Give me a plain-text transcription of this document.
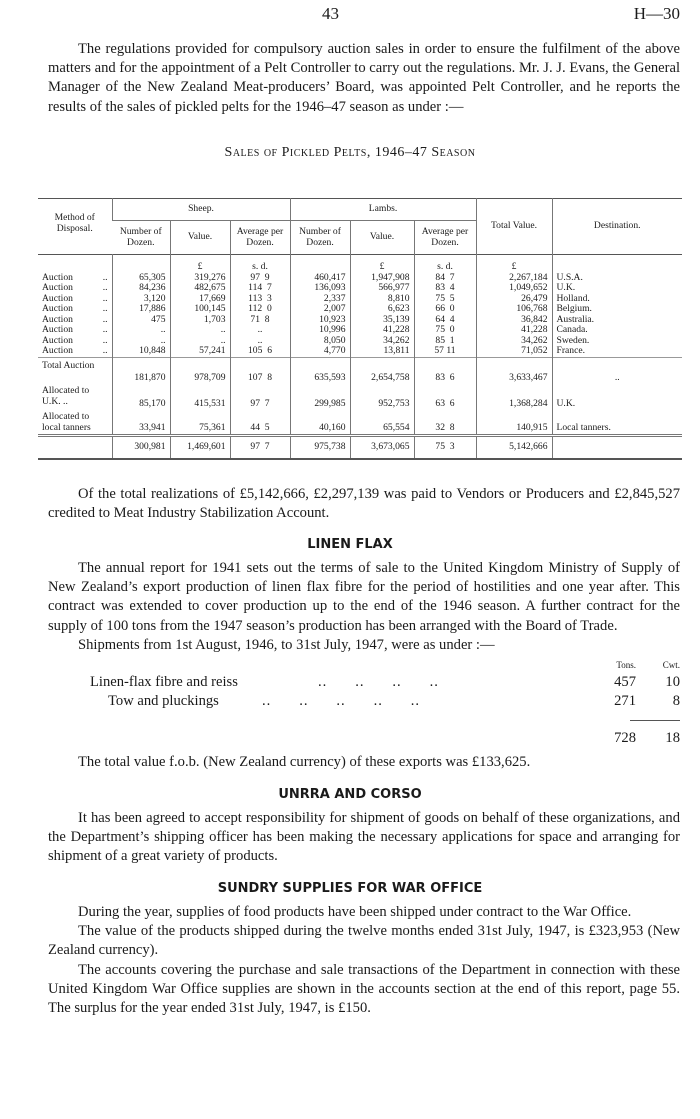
43	H—30

The regulations provided for compulsory auction sales in order to ensure the fulfilment of the above matters and for the appointment of a Pelt Controller to carry out the regulations. Mr. J. J. Evans, the General Manager of the New Zealand Meat-producers’ Board, was appointed Pelt Controller, and he reports the results of the sales of pickled pelts for the 1946–47 season as under :—

Sales of Pickled Pelts, 1946–47 Season
Method of Disposal.	Sheep.			Lambs.			Total Value.	Destination.
	Number of Dozen.	Value.	Average per Dozen.	Number of Dozen.	Value.	Average per Dozen.		
		£	s. d.		£	s. d.	£	
Auction ..	65,305	319,276	97  9	460,417	1,947,908	84  7	2,267,184	U.S.A.
Auction ..	84,236	482,675	114  7	136,093	566,977	83  4	1,049,652	U.K.
Auction ..	3,120	17,669	113  3	2,337	8,810	75  5	26,479	Holland.
Auction ..	17,886	100,145	112  0	2,007	6,623	66  0	106,768	Belgium.
Auction ..	475	1,703	71  8	10,923	35,139	64  4	36,842	Australia.
Auction ..	..	..	..	10,996	41,228	75  0	41,228	Canada.
Auction ..	..	..	..	8,050	34,262	85  1	34,262	Sweden.
Auction ..	10,848	57,241	105  6	4,770	13,811	57 11	71,052	France.
Total Auction	181,870	978,709	107  8	635,593	2,654,758	83  6	3,633,467	..
Allocated to U.K. ..	85,170	415,531	97  7	299,985	952,753	63  6	1,368,284	U.K.
Allocated to local tanners	33,941	75,361	44  5	40,160	65,554	32  8	140,915	Local tanners.
	300,981	1,469,601	97  7	975,738	3,673,065	75  3	5,142,666	

Of the total realizations of £5,142,666, £2,297,139 was paid to Vendors or Producers and £2,845,527 credited to Meat Industry Stabilization Account.

LINEN FLAX

The annual report for 1941 sets out the terms of sale to the United Kingdom Ministry of Supply of New Zealand’s export production of linen flax fibre for the period of hostilities and one year after. This contract was extended to cover production up to the end of the 1946 season. A further contract for the supply of 100 tons from the 1947 season’s production has been arranged with the Board of Trade.

Shipments from 1st August, 1946, to 31st July, 1947, were as under :—

Tons.	Cwt.
Linen-flax fibre and reiss	..      ..      ..      ..	457	10
Tow and pluckings	..      ..      ..      ..      ..	271	8
728	18

The total value f.o.b. (New Zealand currency) of these exports was £133,625.

UNRRA AND CORSO

It has been agreed to accept responsibility for shipment of goods on behalf of these organizations, and the Department’s shipping officer has been making the necessary applications for space and arranging for shipment of a great variety of products.

SUNDRY SUPPLIES FOR WAR OFFICE

During the year, supplies of food products have been shipped under contract to the War Office.

The value of the products shipped during the twelve months ended 31st July, 1947, is £323,953 (New Zealand currency).

The accounts covering the purchase and sale transactions of the Department in connection with these United Kingdom War Office supplies are shown in the accounts section at the end of this report, page 55. The surplus for the year ended 31st July, 1947, is £150.
